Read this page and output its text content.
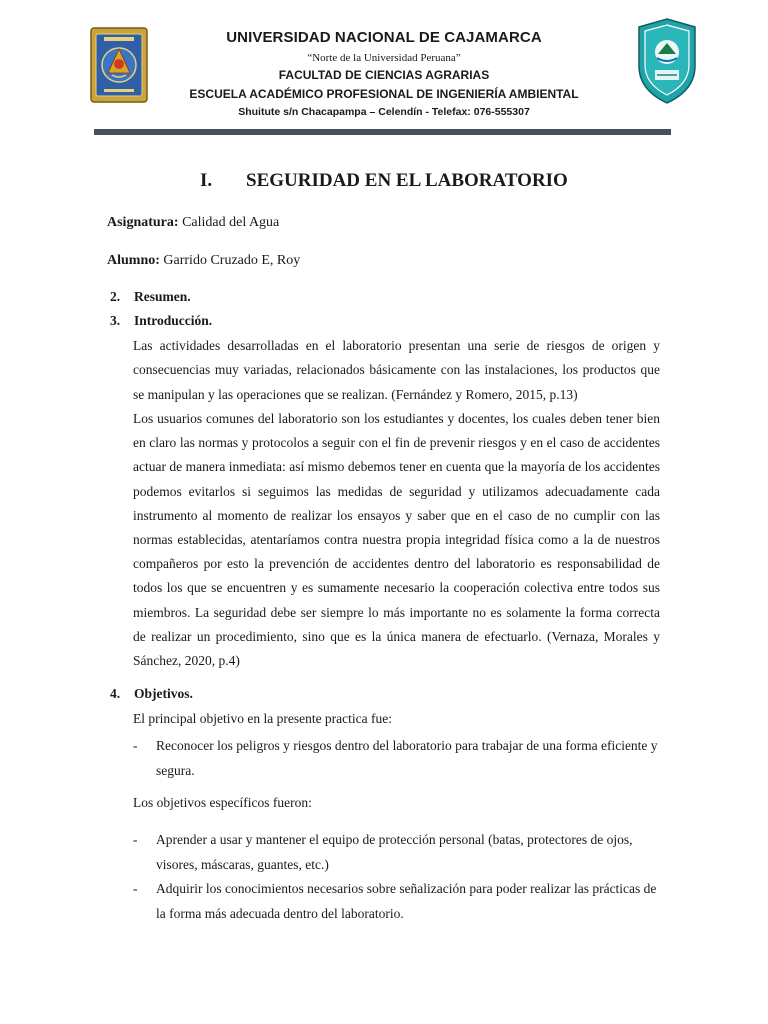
UNIVERSIDAD NACIONAL DE CAJAMARCA
“Norte de la Universidad Peruana”
FACULTAD DE CIENCIAS AGRARIAS
ESCUELA ACADÉMICO PROFESIONAL DE INGENIERÍA AMBIENTAL
Shuitute s/n Chacapampa – Celendín - Telefax: 076-555307
I. SEGURIDAD EN EL LABORATORIO
Asignatura: Calidad del Agua
Alumno: Garrido Cruzado E, Roy
2. Resumen.
3. Introducción.
Las actividades desarrolladas en el laboratorio presentan una serie de riesgos de origen y consecuencias muy variadas, relacionados básicamente con las instalaciones, los productos que se manipulan y las operaciones que se realizan. (Fernández y Romero, 2015, p.13)
Los usuarios comunes del laboratorio son los estudiantes y docentes, los cuales deben tener bien en claro las normas y protocolos a seguir con el fin de prevenir riesgos y en el caso de accidentes actuar de manera inmediata: así mismo debemos tener en cuenta que la mayoría de los accidentes podemos evitarlos si seguimos las medidas de seguridad y utilizamos adecuadamente cada instrumento al momento de realizar los ensayos y saber que en el caso de no cumplir con las normas establecidas, atentaríamos contra nuestra propia integridad física como a la de nuestros compañeros por esto la prevención de accidentes dentro del laboratorio es responsabilidad de todos los que se encuentren y es sumamente necesario la cooperación colectiva entre todos sus miembros. La seguridad debe ser siempre lo más importante no es solamente la forma correcta de realizar un procedimiento, sino que es la única manera de efectuarlo. (Vernaza, Morales y Sánchez, 2020, p.4)
4. Objetivos.
El principal objetivo en la presente practica fue:
- Reconocer los peligros y riesgos dentro del laboratorio para trabajar de una forma eficiente y segura.
Los objetivos específicos fueron:
- Aprender a usar y mantener el equipo de protección personal (batas, protectores de ojos, visores, máscaras, guantes, etc.)
- Adquirir los conocimientos necesarios sobre señalización para poder realizar las prácticas de la forma más adecuada dentro del laboratorio.
